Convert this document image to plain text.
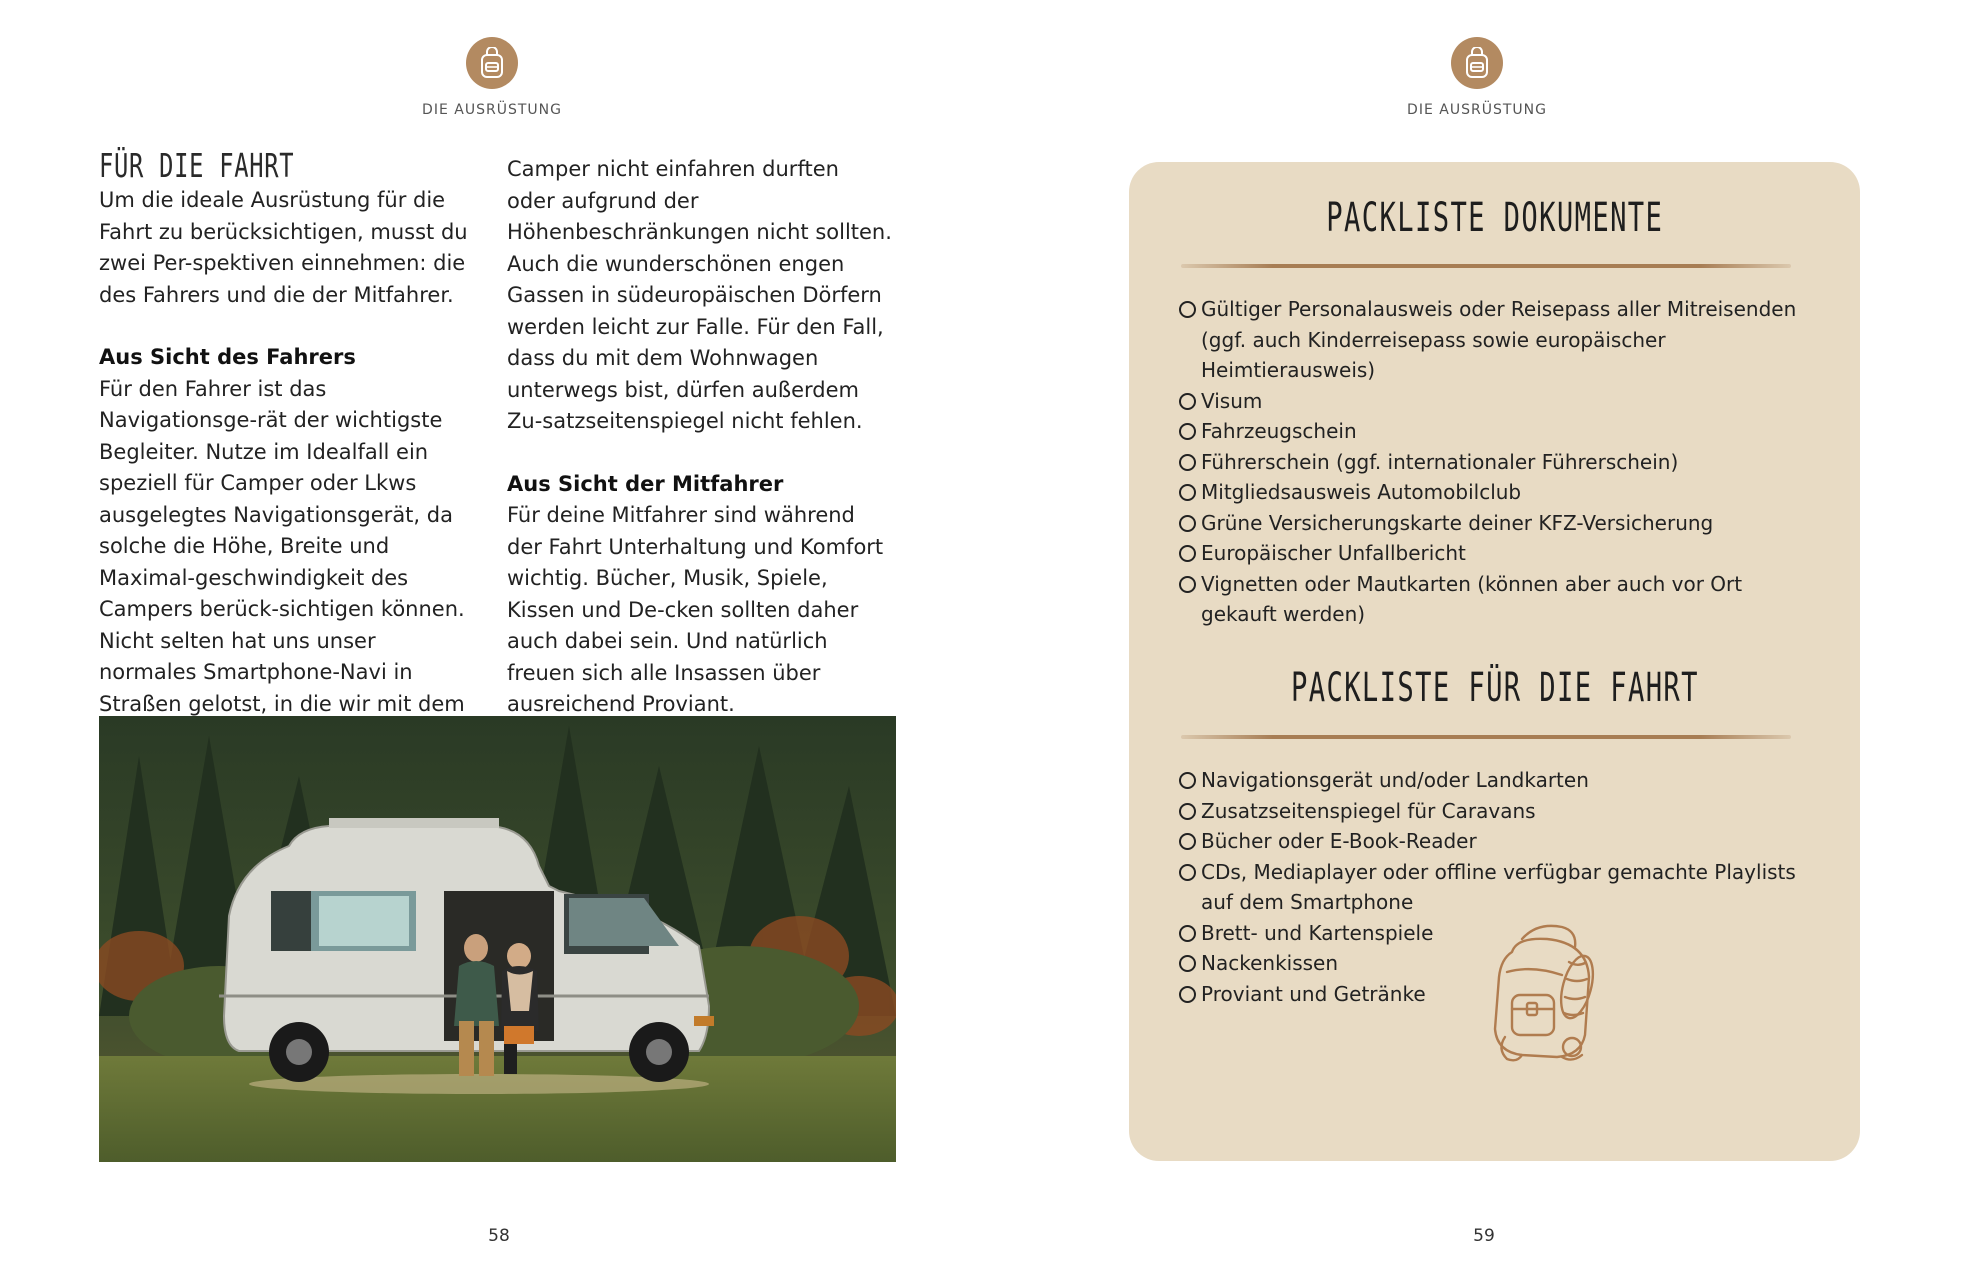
DIE AUSRÜSTUNG
FÜR DIE FAHRT

Um die ideale Ausrüstung für die Fahrt zu berücksichtigen, musst du zwei Per-spektiven einnehmen: die des Fahrers und die der Mitfahrer.

Aus Sicht des Fahrers

Für den Fahrer ist das Navigationsge-rät der wichtigste Begleiter. Nutze im Idealfall ein speziell für Camper oder Lkws ausgelegtes Navigationsgerät, da solche die Höhe, Breite und Maximal-geschwindigkeit des Campers berück-sichtigen können. Nicht selten hat uns unser normales Smartphone-Navi in Straßen gelotst, in die wir mit dem

Camper nicht einfahren durften oder aufgrund der Höhenbeschränkungen nicht sollten. Auch die wunderschönen engen Gassen in südeuropäischen Dörfern werden leicht zur Falle. Für den Fall, dass du mit dem Wohnwagen unterwegs bist, dürfen außerdem Zu-satzseitenspiegel nicht fehlen.

Aus Sicht der Mitfahrer

Für deine Mitfahrer sind während der Fahrt Unterhaltung und Komfort wichtig. Bücher, Musik, Spiele, Kissen und De-cken sollten daher auch dabei sein. Und natürlich freuen sich alle Insassen über ausreichend Proviant.

58
DIE AUSRÜSTUNG
PACKLISTE DOKUMENTE
Gültiger Personalausweis oder Reisepass aller Mitreisenden (ggf. auch Kinderreisepass sowie europäischer Heimtierausweis)
Visum
Fahrzeugschein
Führerschein (ggf. internationaler Führerschein)
Mitgliedsausweis Automobilclub
Grüne Versicherungskarte deiner KFZ-Versicherung
Europäischer Unfallbericht
Vignetten oder Mautkarten (können aber auch vor Ort gekauft werden)
PACKLISTE FÜR DIE FAHRT
Navigationsgerät und/oder Landkarten
Zusatzseitenspiegel für Caravans
Bücher oder E-Book-Reader
CDs, Mediaplayer oder offline verfügbar gemachte Playlists auf dem Smartphone
Brett- und Kartenspiele
Nackenkissen
Proviant und Getränke
59
